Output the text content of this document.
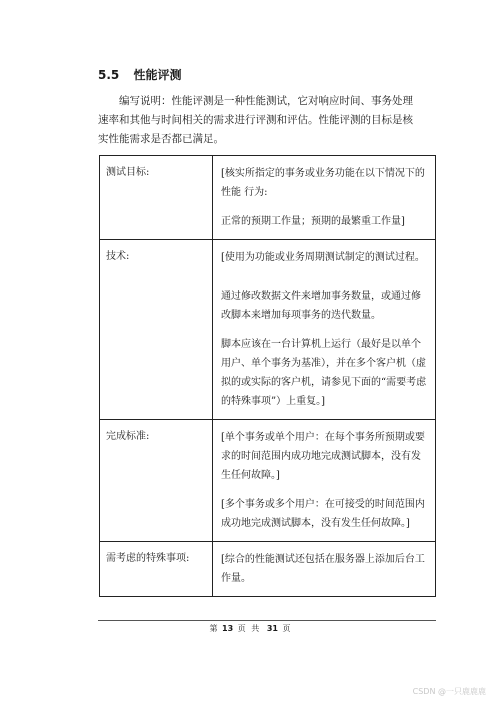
5.5 性能评测
编写说明：性能评测是一种性能测试，它对响应时间、事务处理速率和其他与时间相关的需求进行评测和评估。性能评测的目标是核实性能需求是否都已满足。
测试目标:	[核实所指定的事务或业务功能在以下情况下的性能 行为:

正常的预期工作量；预期的最繁重工作量]

技术:	[使用为功能或业务周期测试制定的测试过程。

通过修改数据文件来增加事务数量，或通过修改脚本来增加每项事务的迭代数量。

脚本应该在一台计算机上运行（最好是以单个用户、单个事务为基准），并在多个客户机（虚拟的或实际的客户机，请参见下面的“需要考虑的特殊事项”）上重复。]

完成标准:	[单个事务或单个用户：在每个事务所预期或要求的时间范围内成功地完成测试脚本，没有发生任何故障。]

[多个事务或多个用户：在可接受的时间范围内成功地完成测试脚本，没有发生任何故障。]

需考虑的特殊事项:	[综合的性能测试还包括在服务器上添加后台工作量。

第 13 页 共 31 页
CSDN @一只鹿鹿鹿
